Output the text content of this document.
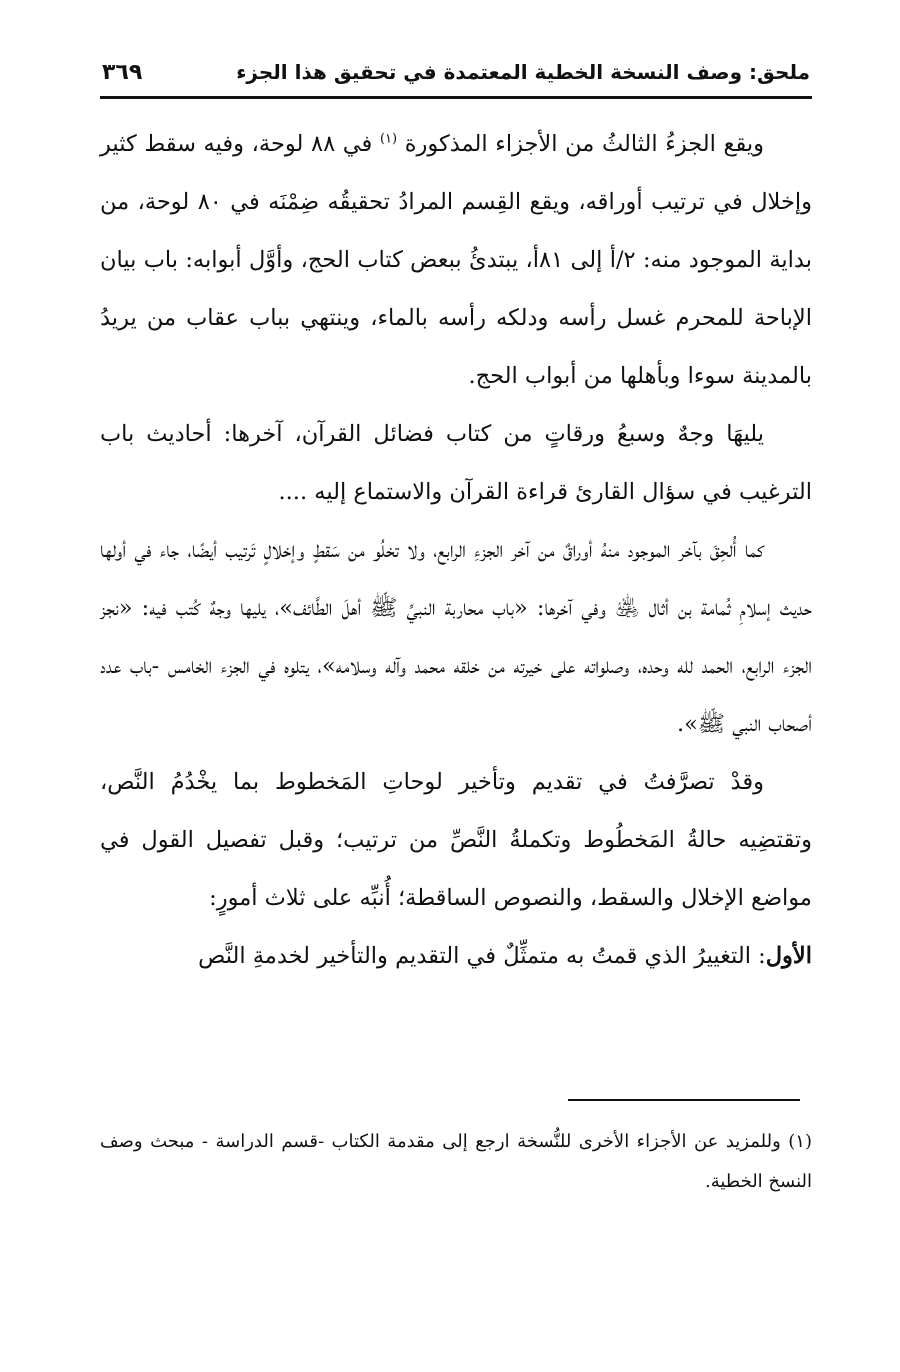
ملحق: وصف النسخة الخطية المعتمدة في تحقيق هذا الجزء
٣٦٩

ويقع الجزءُ الثالثُ من الأجزاء المذكورة $^{(١)}$ في ٨٨ لوحة، وفيه سقط كثير وإخلال في ترتيب أوراقه، ويقع القِسم المرادُ تحقيقُه ضِمْنَه في ٨٠ لوحة، من بداية الموجود منه: ٢/أ إلى ٨١أ، يبتدئُ ببعض كتاب الحج، وأوَّل أبوابه: باب بيان الإباحة للمحرم غسل رأسه ودلكه رأسه بالماء، وينتهي بباب عقاب من يريدُ بالمدينة سوءا وبأهلها من أبواب الحج.

يليهَا وجهٌ وسبعُ ورقاتٍ من كتاب فضائل القرآن، آخرها: أحاديث باب الترغيب في سؤال القارئ قراءة القرآن والاستماع إليه ....

كما أُلحِقَ بآخر الموجود منهُ أوراقٌ من آخر الجزءِ الرابع، ولا تخلُو من سَقطٍ وإخلالٍ تَرتيب أيضًا، جاء في أولها حديث إسلامِ ثُمامة بن أثال ﵁ وفي آخرها: «باب محاربة النبيِّ ﷺ أهلَ الطَّائف»، يليها وجهٌ كُتب فيه: «نجز الجزء الرابع، الحمد لله وحده، وصلواته على خيرته من خلقه محمد وآله وسلامه»، يتلوه في الجزء الخامس -باب عدد أصحاب النبي ﷺ».

وقدْ تصرَّفتُ في تقديم وتأخير لوحاتِ المَخطوط بما يخْدُمُ النَّص، وتقتضِيه حالةُ المَخطُوط وتكملةُ النَّصِّ من ترتيب؛ وقبل تفصيل القول في مواضع الإخلال والسقط، والنصوص الساقطة؛ أُنبِّه على ثلاث أمورٍ:

الأول: التغييرُ الذي قمتُ به متمثِّلٌ في التقديم والتأخير لخدمةِ النَّص

(١) وللمزيد عن الأجزاء الأخرى للنُّسخة ارجع إلى مقدمة الكتاب -قسم الدراسة - مبحث وصف النسخ الخطية.
